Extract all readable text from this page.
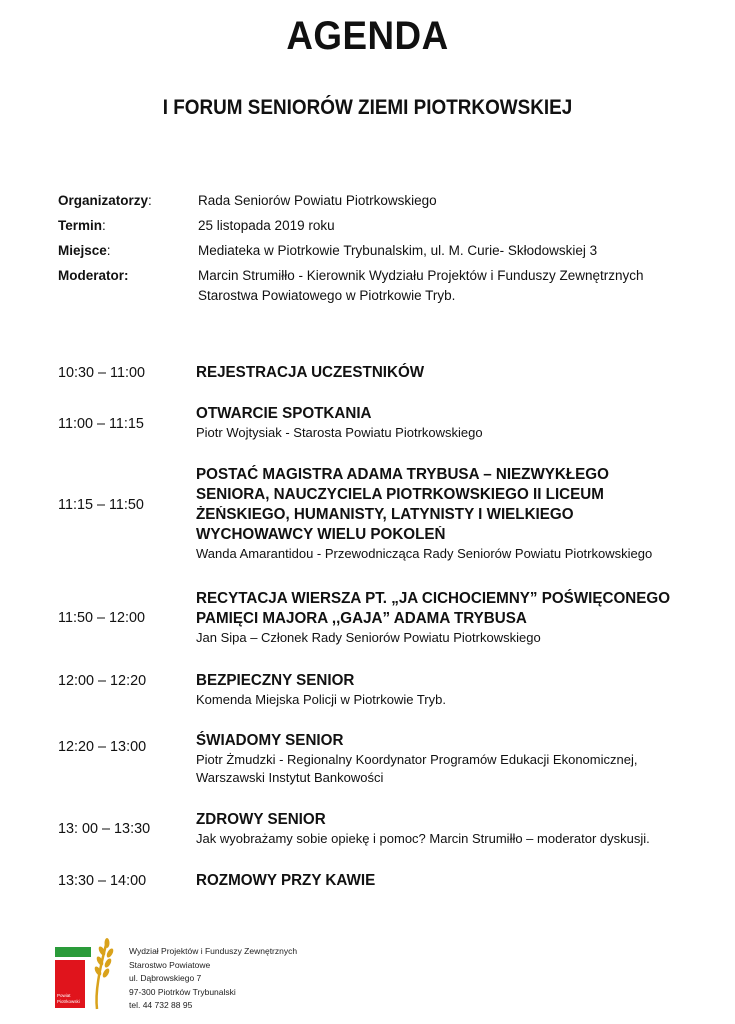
AGENDA
I FORUM SENIORÓW ZIEMI PIOTRKOWSKIEJ
Organizatorzy:	Rada Seniorów Powiatu Piotrkowskiego
Termin:	25 listopada 2019 roku
Miejsce:	Mediateka w Piotrkowie Trybunalskim, ul. M. Curie- Skłodowskiej 3
Moderator:	Marcin Strumiłło - Kierownik Wydziału Projektów i Funduszy Zewnętrznych
Starostwa Powiatowego w Piotrkowie Tryb.
10:30 – 11:00	REJESTRACJA UCZESTNIKÓW
11:00 – 11:15
OTWARCIE SPOTKANIA
Piotr Wojtysiak - Starosta Powiatu Piotrkowskiego
11:15 – 11:50
POSTAĆ MAGISTRA ADAMA TRYBUSA – NIEZWYKŁEGO
SENIORA, NAUCZYCIELA PIOTRKOWSKIEGO II LICEUM
ŻEŃSKIEGO, HUMANISTY, LATYNISTY I WIELKIEGO
WYCHOWAWCY WIELU POKOLEŃ
Wanda Amarantidou - Przewodnicząca Rady Seniorów Powiatu Piotrkowskiego
11:50 – 12:00
RECYTACJA WIERSZA PT. „JA CICHOCIEMNY” POŚWIĘCONEGO
PAMIĘCI MAJORA ,,GAJA” ADAMA TRYBUSA
Jan Sipa – Członek Rady Seniorów Powiatu Piotrkowskiego
12:00 – 12:20	BEZPIECZNY SENIOR
Komenda Miejska Policji w Piotrkowie Tryb.
12:20 – 13:00	ŚWIADOMY SENIOR
Piotr Żmudzki - Regionalny Koordynator Programów Edukacji Ekonomicznej,
Warszawski Instytut Bankowości
13: 00 – 13:30
ZDROWY SENIOR
Jak wyobrażamy sobie opiekę i pomoc? Marcin Strumiłło – moderator dyskusji.
13:30 – 14:00	ROZMOWY PRZY KAWIE
Powiat
Piotrkowski
Wydział Projektów i Funduszy Zewnętrznych
Starostwo Powiatowe
ul. Dąbrowskiego 7
97-300 Piotrków Trybunalski
tel. 44 732 88 95
